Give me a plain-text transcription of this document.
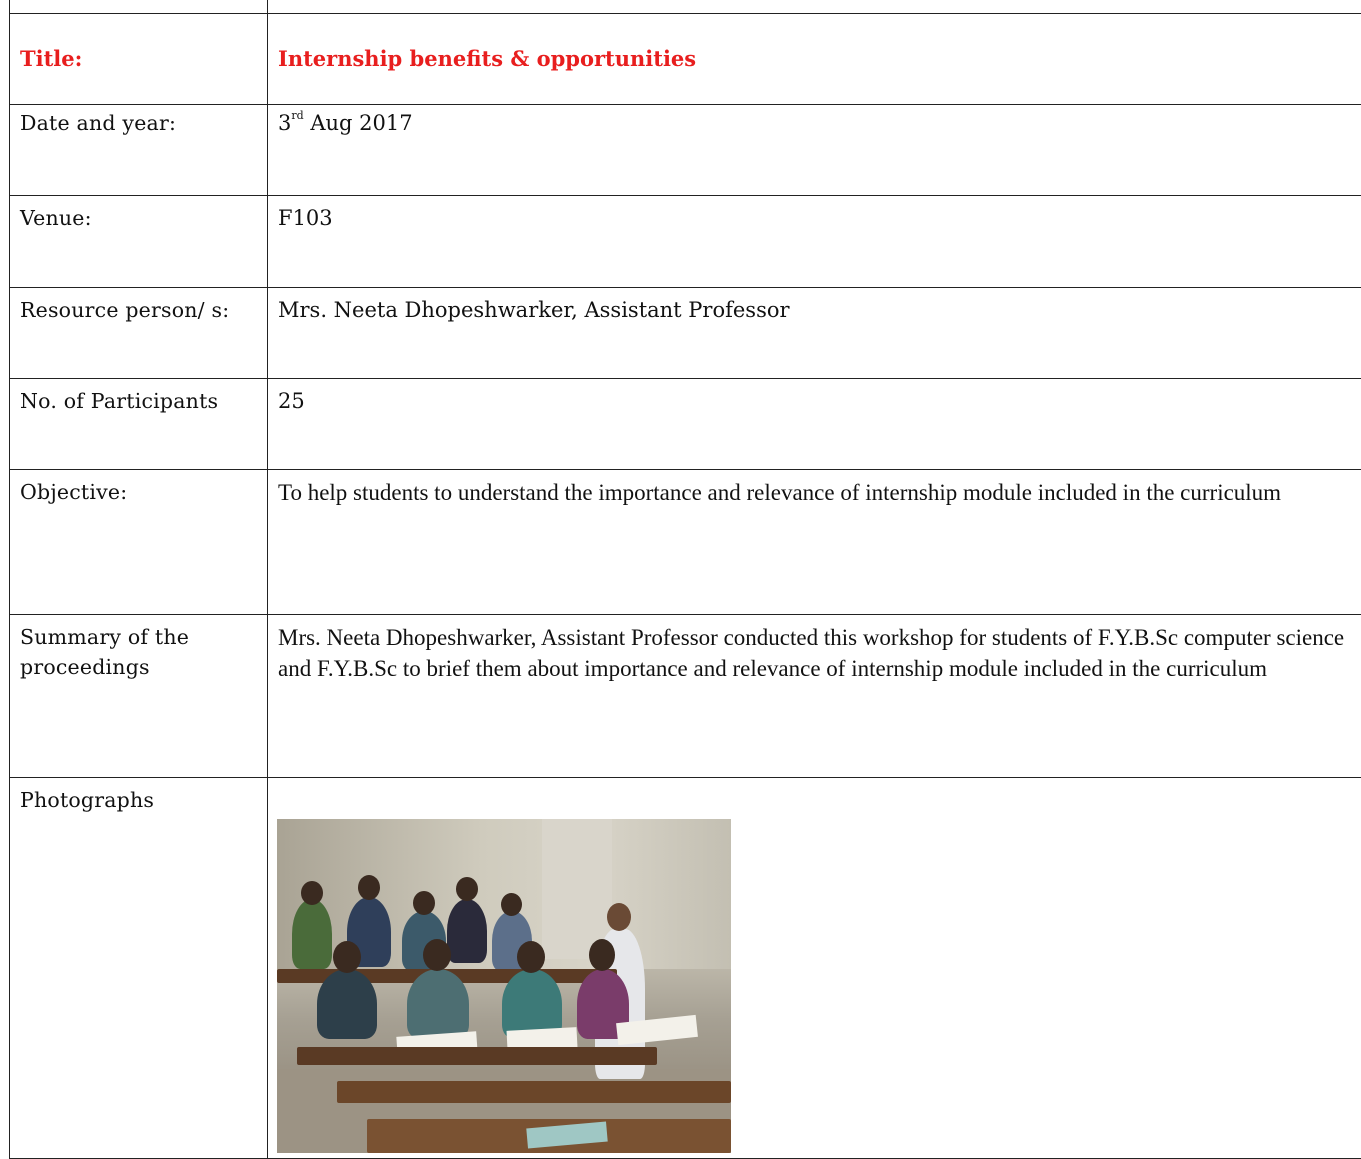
Title:	Internship benefits & opportunities
Date and year:	3rd Aug 2017
Venue:	F103
Resource person/ s:	Mrs. Neeta Dhopeshwarker, Assistant Professor
No. of Participants	25
Objective:	To help students to understand the importance and relevance of internship module included in the curriculum
Summary of the proceedings	Mrs. Neeta Dhopeshwarker, Assistant Professor conducted this workshop for students of F.Y.B.Sc computer science and F.Y.B.Sc to brief them about importance and relevance of internship module included in the curriculum
Photographs	
